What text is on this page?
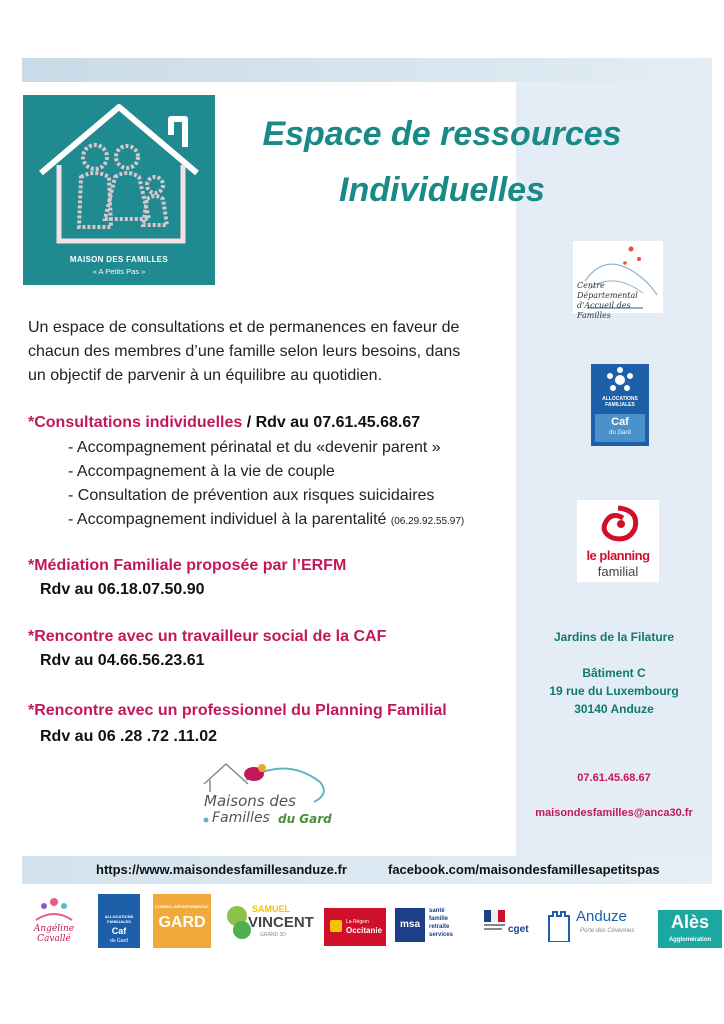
MAISON DES FAMILLES
« A Petits Pas »
Espace de ressources
Individuelles
Un espace de consultations et de permanences en faveur de
chacun des membres d’une famille selon leurs besoins, dans
un objectif de parvenir à un équilibre au quotidien.
*Consultations individuelles / Rdv au 07.61.45.68.67
- Accompagnement périnatal et du «devenir parent »
- Accompagnement à la vie de couple
- Consultation de prévention aux risques suicidaires
- Accompagnement individuel à la parentalité (06.29.92.55.97)
*Médiation Familiale proposée par l’ERFM
Rdv au 06.18.07.50.90
*Rencontre avec un travailleur social de la CAF
Rdv au 04.66.56.23.61
*Rencontre avec un professionnel du Planning Familial
Rdv au 06 .28 .72 .11.02
Maisons des
Familles du Gard
Centre Départemental d'Accueil des Familles
ALLOCATIONS
FAMILIALES
Caf
du Gard
le planning
familial
Jardins de la Filature
Bâtiment C
19 rue du Luxembourg
30140 Anduze
07.61.45.68.67
maisondesfamilles@anca30.fr
https://www.maisondesfamillesanduze.fr	facebook.com/maisondesfamillesapetitspas
Angéline Cavallé
ALLOCATIONS
FAMILIALES
Caf
du Gard
CONSEIL DÉPARTEMENTAL
GARD
SAMUEL
VINCENT
GRAND 3D
La Région
Occitanie
msa
santé
famille
retraite
services	cget
Anduze
Porte des Cévennes	Alès
Agglomération
